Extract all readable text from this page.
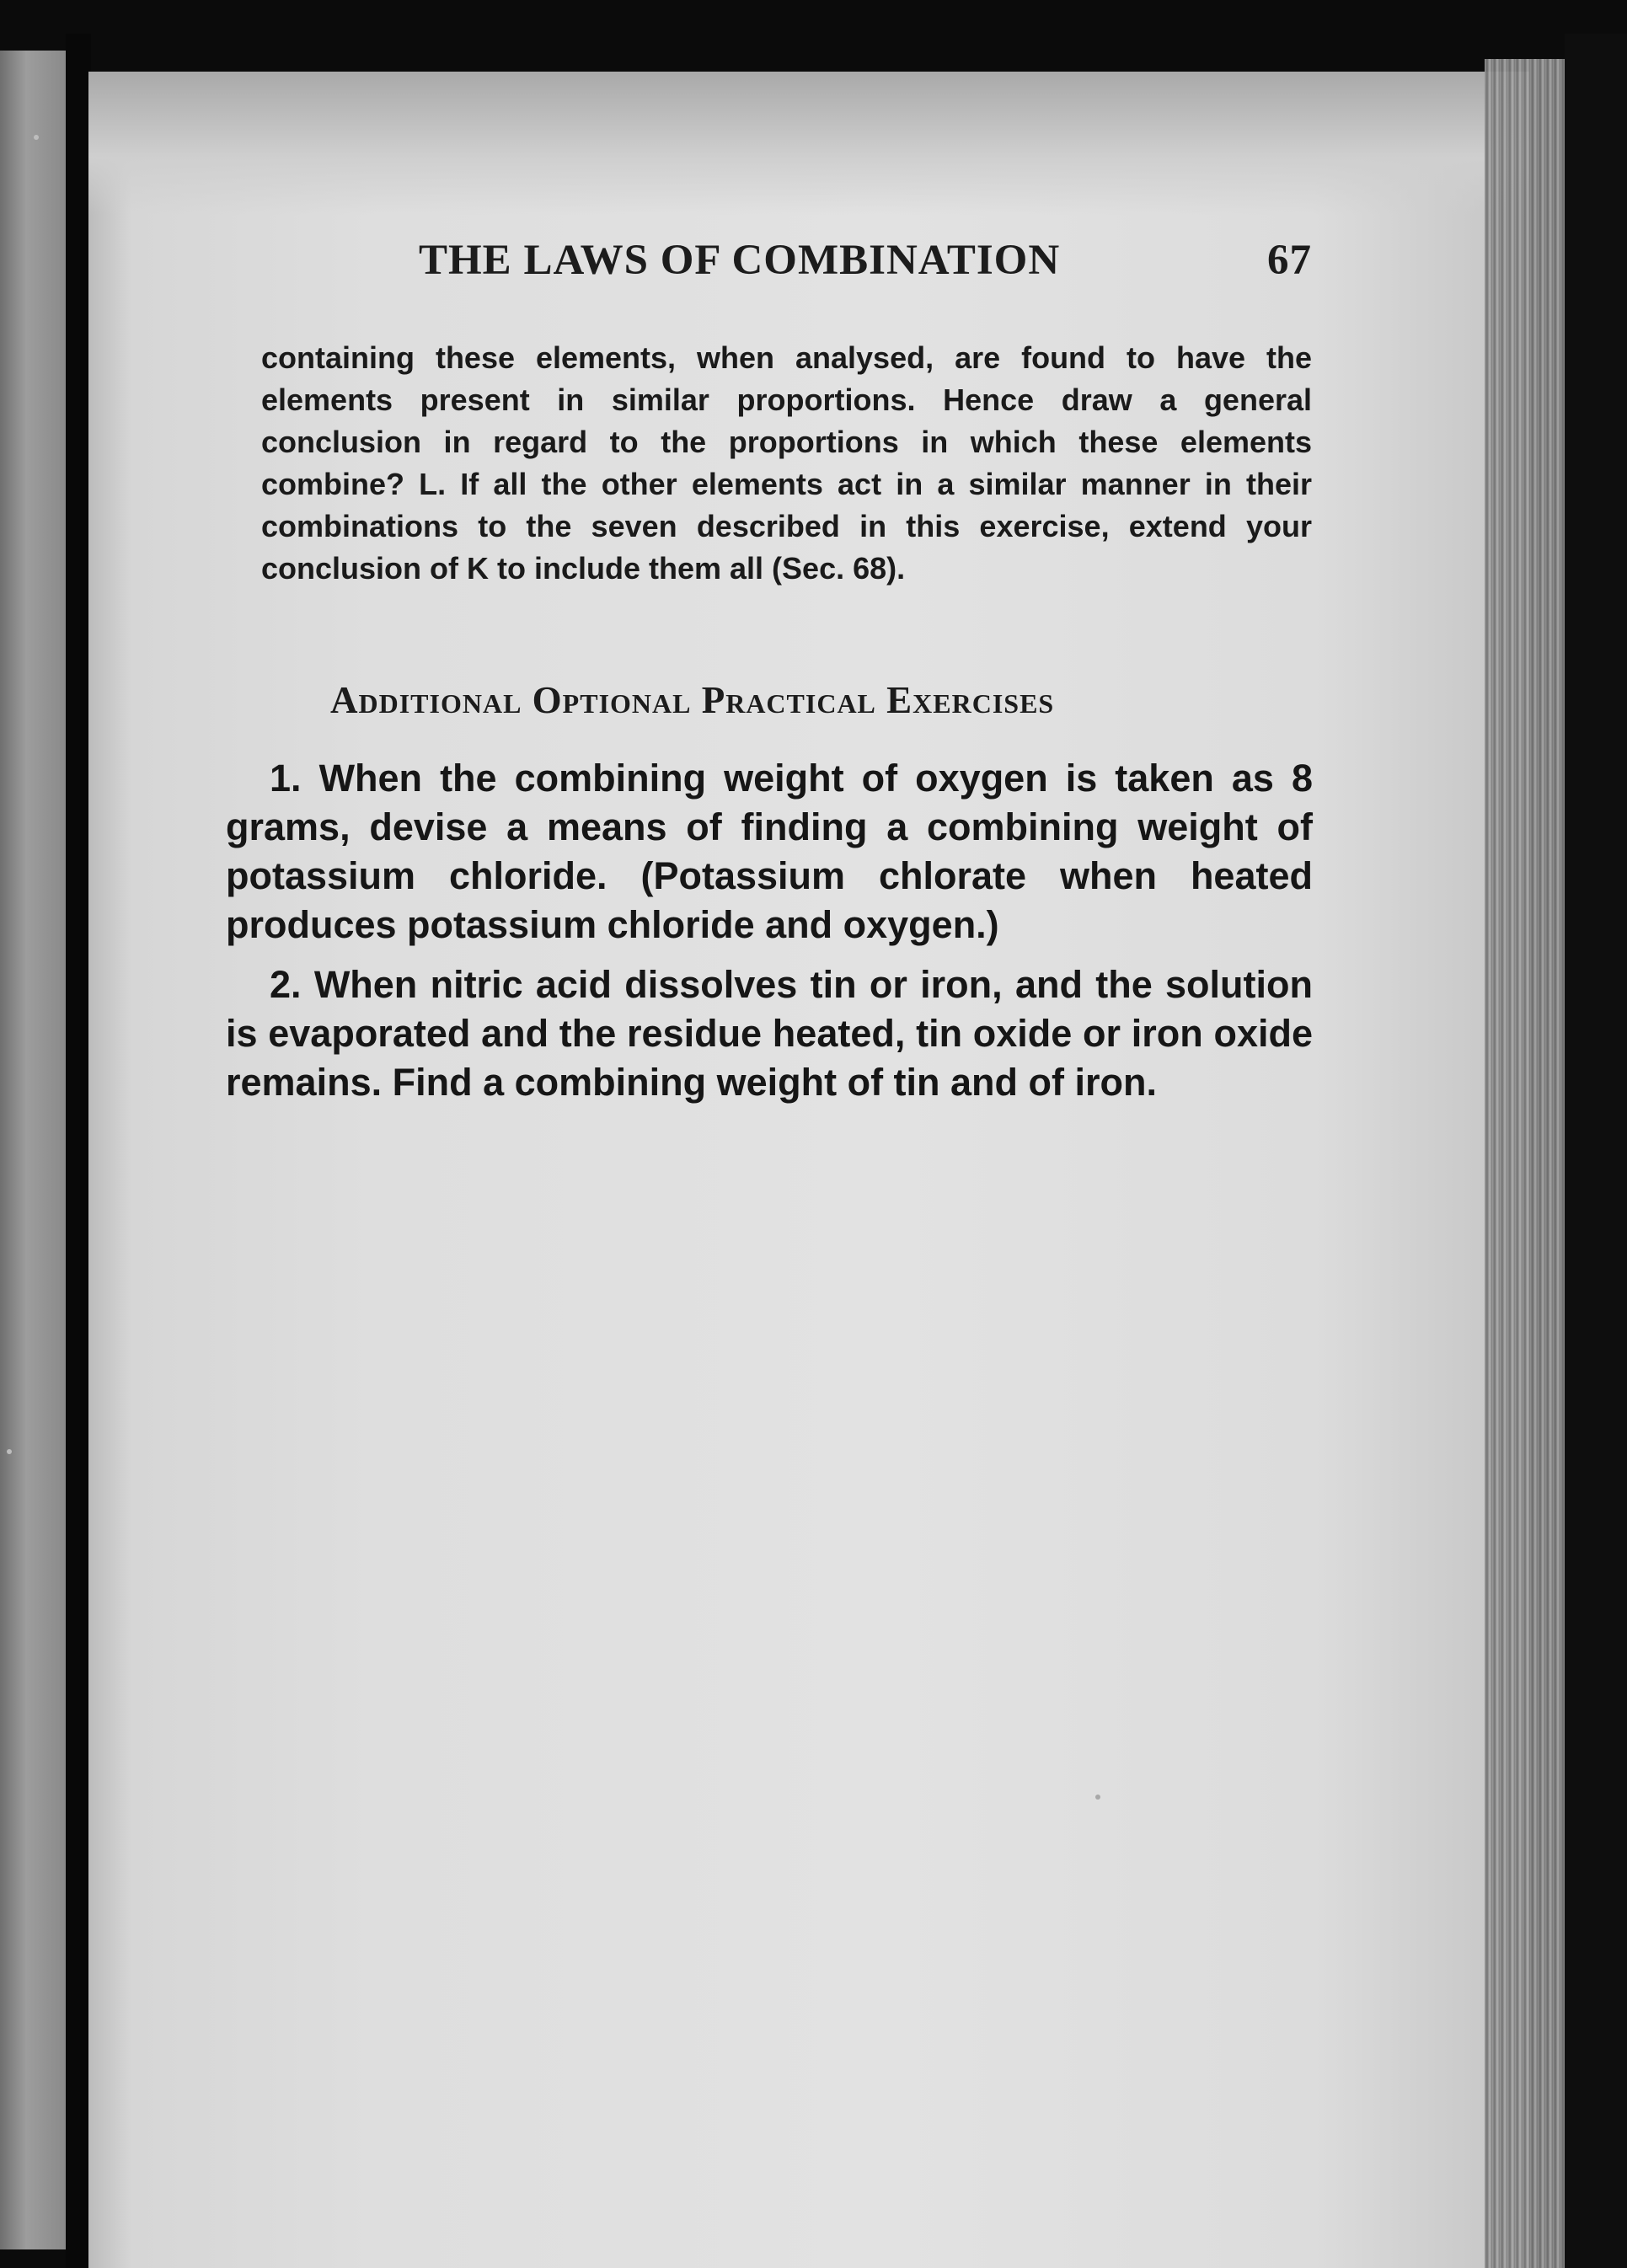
THE LAWS OF COMBINATION	67
containing these elements, when analysed, are found to have the elements present in similar proportions. Hence draw a general conclusion in regard to the proportions in which these elements combine? L. If all the other elements act in a similar manner in their combinations to the seven described in this exercise, extend your conclusion of K to include them all (Sec. 68).
Additional Optional Practical Exercises
1. When the combining weight of oxygen is taken as 8 grams, devise a means of finding a combining weight of potassium chloride. (Potassium chlorate when heated produces potassium chloride and oxygen.)
2. When nitric acid dissolves tin or iron, and the solution is evaporated and the residue heated, tin oxide or iron oxide remains. Find a combining weight of tin and of iron.
